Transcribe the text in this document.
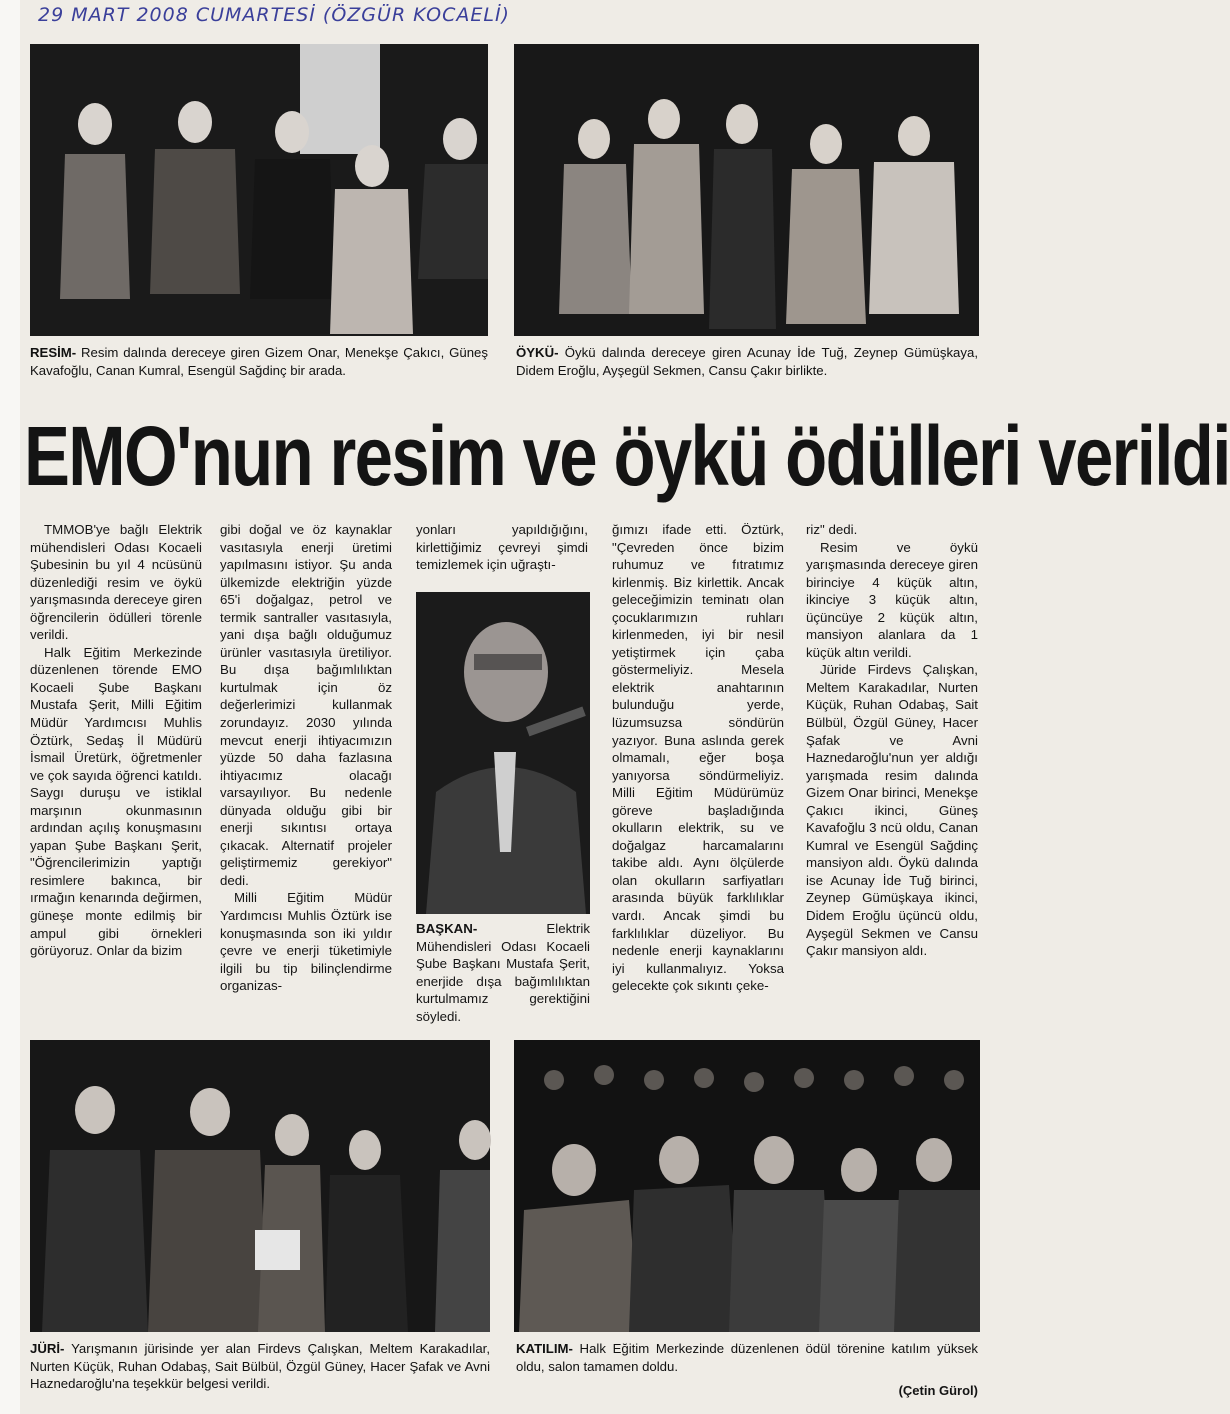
29 MART 2008 CUMARTESİ (ÖZGÜR KOCAELİ)
RESİM- Resim dalında dereceye giren Gizem Onar, Menekşe Çakıcı, Güneş Kavafoğlu, Canan Kumral, Esengül Sağdinç bir arada.
ÖYKÜ- Öykü dalında dereceye giren Acunay İde Tuğ, Zeynep Gümüşkaya, Didem Eroğlu, Ayşegül Sekmen, Cansu Çakır birlikte.
EMO'nun resim ve öykü ödülleri verildi

TMMOB'ye bağlı Elektrik mühendisleri Odası Kocaeli Şubesinin bu yıl 4 ncüsünü düzenlediği resim ve öykü yarışmasında dereceye giren öğrencilerin ödülleri törenle verildi.

Halk Eğitim Merkezinde düzenlenen törende EMO Kocaeli Şube Başkanı Mustafa Şerit, Milli Eğitim Müdür Yardımcısı Muhlis Öztürk, Sedaş İl Müdürü İsmail Üretürk, öğretmenler ve çok sayıda öğrenci katıldı. Saygı duruşu ve istiklal marşının okunmasının ardından açılış konuşmasını yapan Şube Başkanı Şerit, "Öğrencilerimizin yaptığı resimlere bakınca, bir ırmağın kenarında değirmen, güneşe monte edilmiş bir ampul gibi örnekleri görüyoruz. Onlar da bizim

gibi doğal ve öz kaynaklar vasıtasıyla enerji üretimi yapılmasını istiyor. Şu anda ülkemizde elektriğin yüzde 65'i doğalgaz, petrol ve termik santraller vasıtasıyla, yani dışa bağlı olduğumuz ürünler vasıtasıyla üretiliyor. Bu dışa bağımlılıktan kurtulmak için öz değerlerimizi kullanmak zorundayız. 2030 yılında mevcut enerji ihtiyacımızın yüzde 50 daha fazlasına ihtiyacımız olacağı varsayılıyor. Bu nedenle dünyada olduğu gibi bir enerji sıkıntısı ortaya çıkacak. Alternatif projeler geliştirmemiz gerekiyor" dedi.

Milli Eğitim Müdür Yardımcısı Muhlis Öztürk ise konuşmasında son iki yıldır çevre ve enerji tüketimiyle ilgili bu tip bilinçlendirme organizas-

yonları yapıldığığını, kirlettiğimiz çevreyi şimdi temizlemek için uğraştı-

BAŞKAN-	Elektrik Mühendisleri Odası Kocaeli Şube Başkanı Mustafa Şerit, enerjide dışa bağımlılıktan kurtulmamız gerektiğini söyledi.

ğımızı ifade etti. Öztürk, "Çevreden önce bizim ruhumuz ve fıtratımız kirlenmiş. Biz kirlettik. Ancak geleceğimizin teminatı olan çocuklarımızın ruhları kirlenmeden, iyi bir nesil yetiştirmek için çaba göstermeliyiz. Mesela elektrik anahtarının bulunduğu yerde, lüzumsuzsa söndürün yazıyor. Buna aslında gerek olmamalı, eğer boşa yanıyorsa söndürmeliyiz. Milli Eğitim Müdürümüz göreve başladığında okulların elektrik, su ve doğalgaz harcamalarını takibe aldı. Aynı ölçülerde olan okulların sarfiyatları arasında büyük farklılıklar vardı. Ancak şimdi bu farklılıklar düzeliyor. Bu nedenle enerji kaynaklarını iyi kullanmalıyız. Yoksa gelecekte çok sıkıntı çeke-

riz" dedi.

Resim ve öykü yarışmasında dereceye giren birinciye 4 küçük altın, ikinciye 3 küçük altın, üçüncüye 2 küçük altın, mansiyon alanlara da 1 küçük altın verildi.

Jüride Firdevs Çalışkan, Meltem Karakadılar, Nurten Küçük, Ruhan Odabaş, Sait Bülbül, Özgül Güney, Hacer Şafak ve Avni Haznedaroğlu'nun yer aldığı yarışmada resim dalında Gizem Onar birinci, Menekşe Çakıcı ikinci, Güneş Kavafoğlu 3 ncü oldu, Canan Kumral ve Esengül Sağdinç mansiyon aldı. Öykü dalında ise Acunay İde Tuğ birinci, Zeynep Gümüşkaya ikinci, Didem Eroğlu üçüncü oldu, Ayşegül Sekmen ve Cansu Çakır mansiyon aldı.

JÜRİ- Yarışmanın jürisinde yer alan Firdevs Çalışkan, Meltem Karakadılar, Nurten Küçük, Ruhan Odabaş, Sait Bülbül, Özgül Güney, Hacer Şafak ve Avni Haznedaroğlu'na teşekkür belgesi verildi.
KATILIM- Halk Eğitim Merkezinde düzenlenen ödül törenine katılım yüksek oldu, salon tamamen doldu.
(Çetin Gürol)
